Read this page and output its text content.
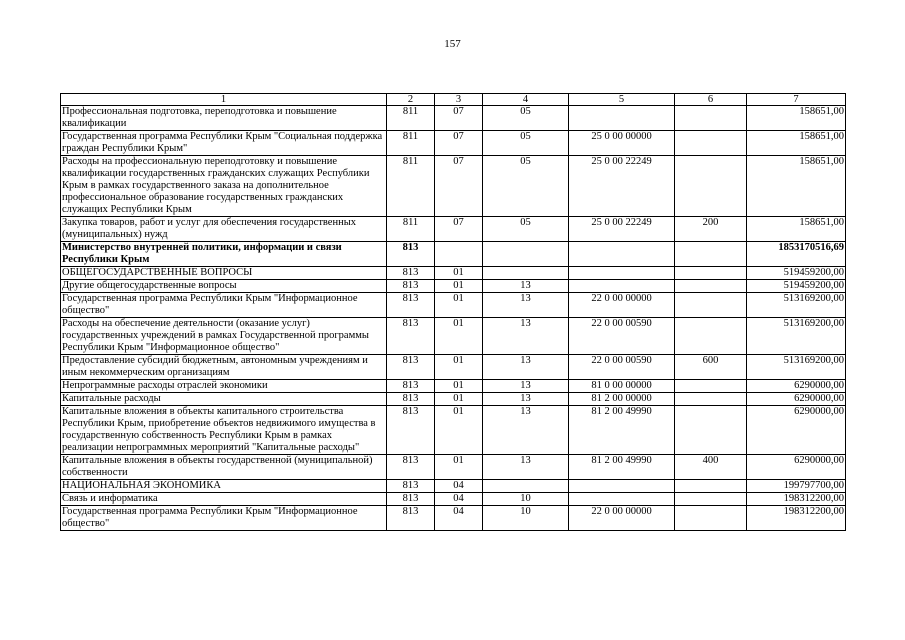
157
1	2	3	4	5	6	7
Профессиональная подготовка, переподготовка и повышение квалификации	811	07	05			158651,00
Государственная программа Республики Крым "Социальная поддержка граждан Республики Крым"	811	07	05	25 0 00 00000		158651,00
Расходы на профессиональную переподготовку и повышение квалификации государственных гражданских служащих Республики Крым в рамках государственного заказа на дополнительное профессиональное образование государственных гражданских служащих Республики Крым	811	07	05	25 0 00 22249		158651,00
Закупка товаров, работ и услуг для обеспечения государственных (муниципальных) нужд	811	07	05	25 0 00 22249	200	158651,00
Министерство внутренней политики, информации и связи Республики Крым	813					1853170516,69
ОБЩЕГОСУДАРСТВЕННЫЕ ВОПРОСЫ	813	01				519459200,00
Другие общегосударственные вопросы	813	01	13			519459200,00
Государственная программа Республики Крым "Информационное общество"	813	01	13	22 0 00 00000		513169200,00
Расходы на обеспечение деятельности (оказание услуг) государственных учреждений в рамках Государственной программы Республики Крым "Информационное общество"	813	01	13	22 0 00 00590		513169200,00
Предоставление субсидий бюджетным, автономным учреждениям и иным некоммерческим организациям	813	01	13	22 0 00 00590	600	513169200,00
Непрограммные расходы отраслей экономики	813	01	13	81 0 00 00000		6290000,00
Капитальные расходы	813	01	13	81 2 00 00000		6290000,00
Капитальные вложения в объекты капитального строительства Республики Крым, приобретение объектов недвижимого имущества в государственную собственность Республики Крым в рамках реализации непрограммных мероприятий "Капитальные расходы"	813	01	13	81 2 00 49990		6290000,00
Капитальные вложения в объекты государственной (муниципальной) собственности	813	01	13	81 2 00 49990	400	6290000,00
НАЦИОНАЛЬНАЯ ЭКОНОМИКА	813	04				199797700,00
Связь и информатика	813	04	10			198312200,00
Государственная программа Республики Крым "Информационное общество"	813	04	10	22 0 00 00000		198312200,00
